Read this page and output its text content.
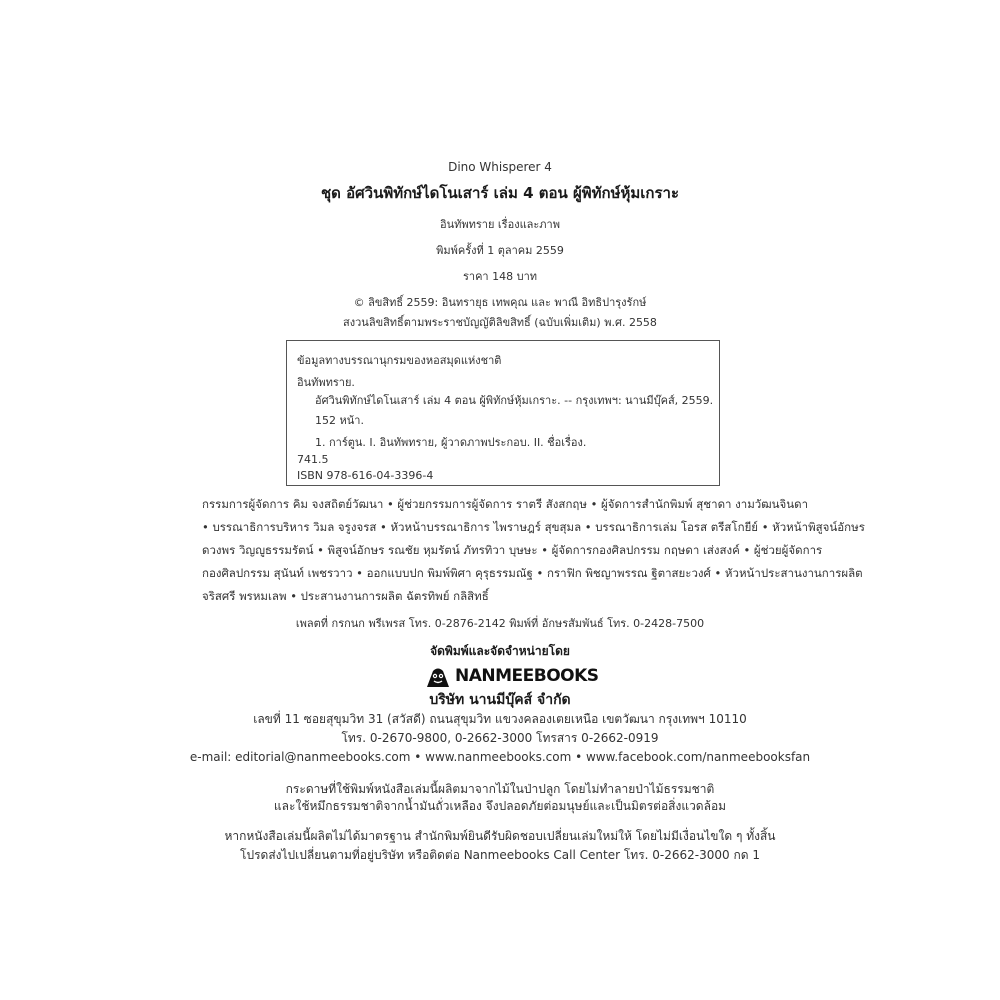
Dino Whisperer 4
ชุด อัศวินพิทักษ์ไดโนเสาร์ เล่ม 4 ตอน ผู้พิทักษ์หุ้มเกราะ
อินทัพทราย เรื่องและภาพ
พิมพ์ครั้งที่ 1 ตุลาคม 2559
ราคา 148 บาท
© ลิขสิทธิ์ 2559: อินทรายุธ เทพคุณ และ พาณี อิทธิปารุงรักษ์
สงวนลิขสิทธิ์ตามพระราชบัญญัติลิขสิทธิ์ (ฉบับเพิ่มเติม) พ.ศ. 2558
ข้อมูลทางบรรณานุกรมของหอสมุดแห่งชาติ
อินทัพทราย.
อัศวินพิทักษ์ไดโนเสาร์ เล่ม 4 ตอน ผู้พิทักษ์หุ้มเกราะ. -- กรุงเทพฯ: นานมีบุ๊คส์, 2559.
152 หน้า.
1. การ์ตูน. I. อินทัพทราย, ผู้วาดภาพประกอบ. II. ชื่อเรื่อง.
741.5
ISBN 978-616-04-3396-4
กรรมการผู้จัดการ คิม จงสถิตย์วัฒนา • ผู้ช่วยกรรมการผู้จัดการ ราตรี สังสกฤษ • ผู้จัดการสำนักพิมพ์ สุชาดา งามวัฒนจินดา
• บรรณาธิการบริหาร วิมล จรูงจรส • หัวหน้าบรรณาธิการ ไพราษฎร์ สุขสุมล • บรรณาธิการเล่ม โอรส ตรีสโกยีย์ • หัวหน้าพิสูจน์อักษร
ดวงพร วิญญูธรรมรัตน์ • พิสูจน์อักษร รณชัย หุมรัตน์ ภัทรทิวา บุษษะ • ผู้จัดการกองศิลปกรรม กฤษดา เส่งสงค์ • ผู้ช่วยผู้จัดการ
กองศิลปกรรม สุนันท์ เพชรวาว • ออกแบบปก พิมพ์พิศา คุรุธรรมณัฐ • กราฟิก พิชญาพรรณ ฐิตาสยะวงศ์ • หัวหน้าประสานงานการผลิต
จริสศรี พรหมเลพ • ประสานงานการผลิต ฉัตรทิพย์ กลิสิทธิ์
เพลตที่ กรกนก พรีเพรส โทร. 0-2876-2142 พิมพ์ที่ อักษรสัมพันธ์ โทร. 0-2428-7500
จัดพิมพ์และจัดจำหน่ายโดย
NANMEEBOOKS
บริษัท นานมีบุ๊คส์ จำกัด
เลขที่ 11 ซอยสุขุมวิท 31 (สวัสดี) ถนนสุขุมวิท แขวงคลองเตยเหนือ เขตวัฒนา กรุงเทพฯ 10110
โทร. 0-2670-9800, 0-2662-3000 โทรสาร 0-2662-0919
e-mail: editorial@nanmeebooks.com • www.nanmeebooks.com • www.facebook.com/nanmeebooksfan
กระดาษที่ใช้พิมพ์หนังสือเล่มนี้ผลิตมาจากไม้ในป่าปลูก โดยไม่ทำลายป่าไม้ธรรมชาติ
และใช้หมึกธรรมชาติจากน้ำมันถั่วเหลือง จึงปลอดภัยต่อมนุษย์และเป็นมิตรต่อสิ่งแวดล้อม
หากหนังสือเล่มนี้ผลิตไม่ได้มาตรฐาน สำนักพิมพ์ยินดีรับผิดชอบเปลี่ยนเล่มใหม่ให้ โดยไม่มีเงื่อนไขใด ๆ ทั้งสิ้น
โปรดส่งไปเปลี่ยนตามที่อยู่บริษัท หรือติดต่อ Nanmeebooks Call Center โทร. 0-2662-3000 กด 1
